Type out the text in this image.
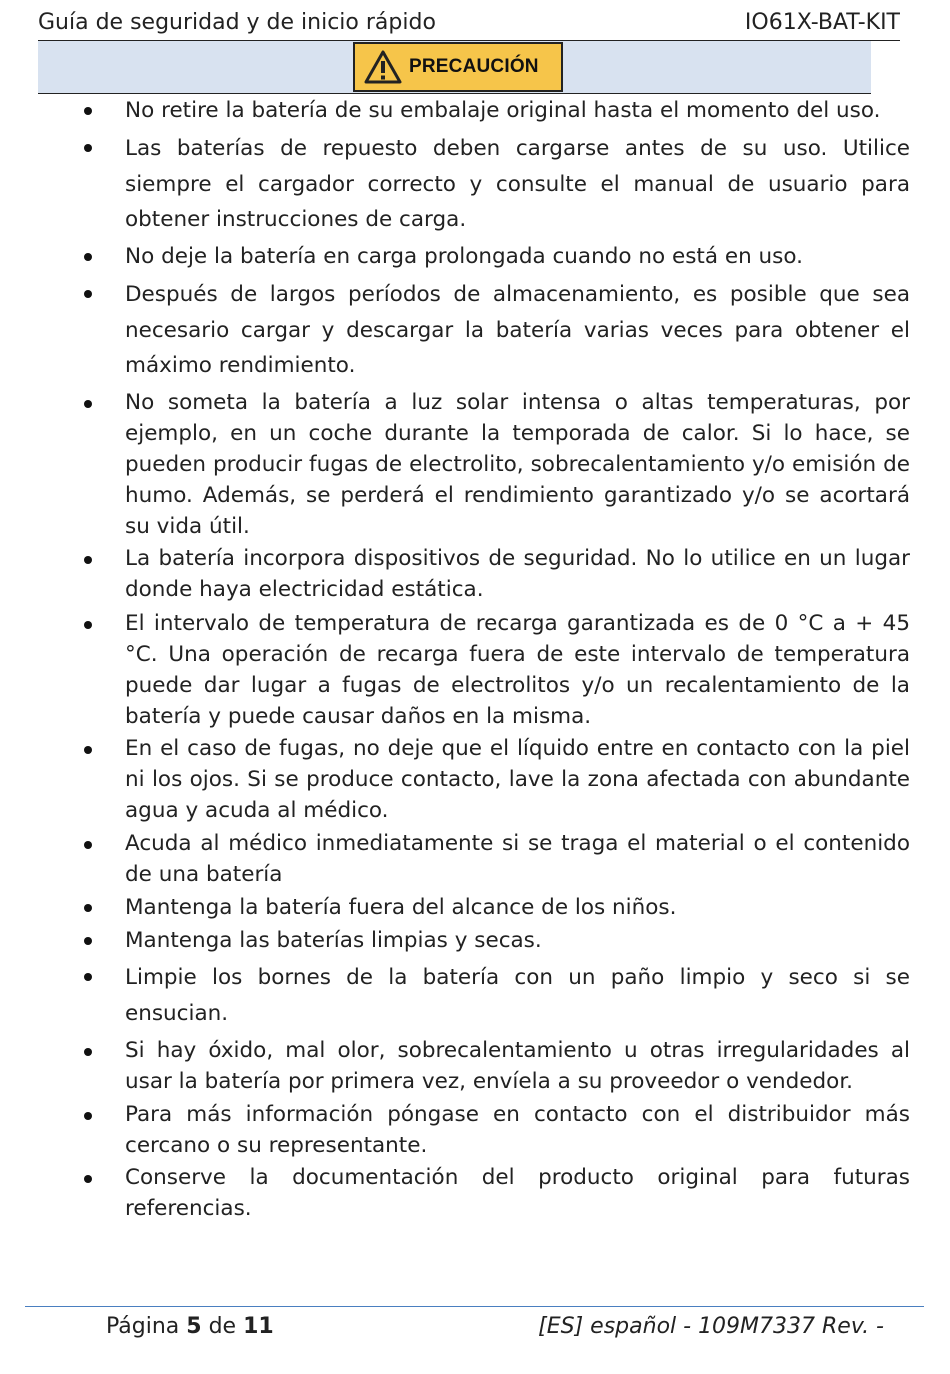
Guía de seguridad y de inicio rápido	IO61X-BAT-KIT
PRECAUCIÓN
No retire la batería de su embalaje original hasta el momento del uso.
Las baterías de repuesto deben cargarse antes de su uso. Utilice siempre el cargador correcto y consulte el manual de usuario para obtener instrucciones de carga.
No deje la batería en carga prolongada cuando no está en uso.
Después de largos períodos de almacenamiento, es posible que sea necesario cargar y descargar la batería varias veces para obtener el máximo rendimiento.
No someta la batería a luz solar intensa o altas temperaturas, por ejemplo, en un coche durante la temporada de calor. Si lo hace, se pueden producir fugas de electrolito, sobrecalentamiento y/o emisión de humo. Además, se perderá el rendimiento garantizado y/o se acortará su vida útil.
La batería incorpora dispositivos de seguridad. No lo utilice en un lugar donde haya electricidad estática.
El intervalo de temperatura de recarga garantizada es de 0 °C a + 45 °C. Una operación de recarga fuera de este intervalo de temperatura puede dar lugar a fugas de electrolitos y/o un recalentamiento de la batería y puede causar daños en la misma.
En el caso de fugas, no deje que el líquido entre en contacto con la piel ni los ojos. Si se produce contacto, lave la zona afectada con abundante agua y acuda al médico.
Acuda al médico inmediatamente si se traga el material o el contenido de una batería
Mantenga la batería fuera del alcance de los niños.
Mantenga las baterías limpias y secas.
Limpie los bornes de la batería con un paño limpio y seco si se ensucian.
Si hay óxido, mal olor, sobrecalentamiento u otras irregularidades al usar la batería por primera vez, envíela a su proveedor o vendedor.
Para más información póngase en contacto con el distribuidor más cercano o su representante.
Conserve la documentación del producto original para futuras referencias.
Página 5 de 11	[ES] español - 109M7337 Rev. -
